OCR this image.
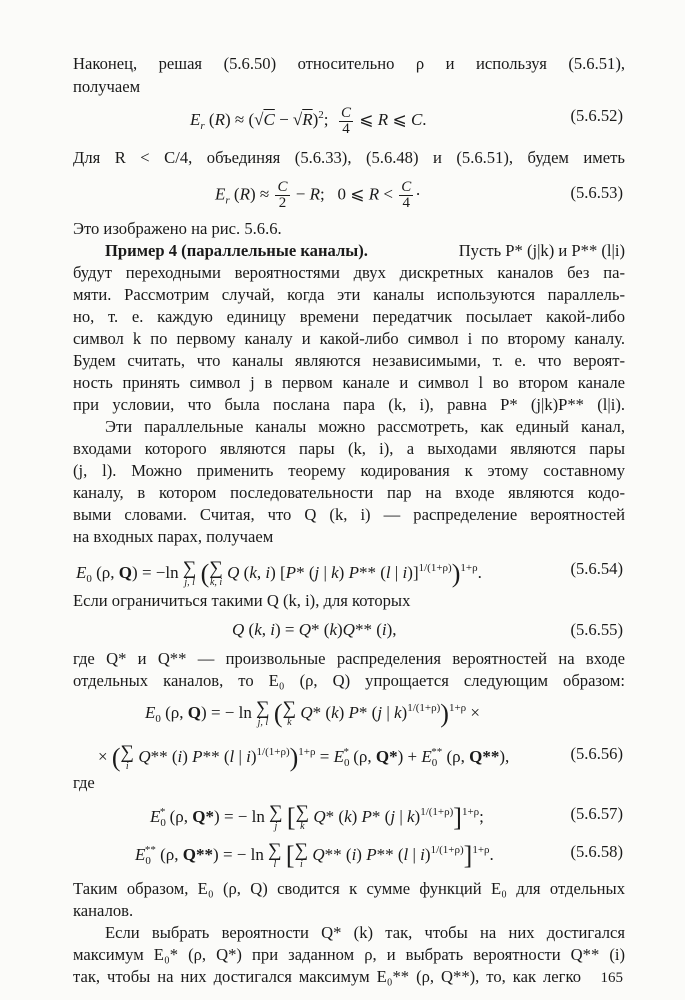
Наконец, решая (5.6.50) относительно ρ и используя (5.6.51),
получаем
$E_r$ $(R) \approx (√C - √R)^2$; $\frac{C}{4}$ ⩽ R ⩽ C.	(5.6.52)
Для R < C/4, объединяя (5.6.33), (5.6.48) и (5.6.51), будем иметь
$E_r$ $(R) \approx \frac{C}{2} - R$;   0 ⩽ $R < \frac{C}{4}$ ·	(5.6.53)
Это изображено на рис. 5.6.6.
Пример 4 (параллельные каналы).	Пусть P* (j|k) и P** (l|i)
будут переходными вероятностями двух дискретных каналов без па-
мяти. Рассмотрим случай, когда эти каналы используются параллель-
но, т. е. каждую единицу времени передатчик посылает какой-либо
символ k по первому каналу и какой-либо символ i по второму каналу.
Будем считать, что каналы являются независимыми, т. е. что вероят-
ность принять символ j в первом канале и символ l во втором канале
при условии, что была послана пара (k, i), равна P* (j|k)P** (l|i).
Эти параллельные каналы можно рассмотреть, как единый канал,
входами которого являются пары (k, i), а выходами являются пары
(j, l). Можно применить теорему кодирования к этому составному
каналу, в котором последовательности пар на входе являются кодо-
выми словами. Считая, что Q (k, i) — распределение вероятностей
на входных парах, получаем
$E_0$ (ρ, Q) = −ln ∑
j, l ( ∑
k, i
Q (k, i) [P* (j | k) P** (l | i)]$^{1/(1+\rho)}$)$^{1+\rho}$.	(5.6.54)
Если ограничиться такими Q (k, i), для которых
Q (k, i) = Q* (k)Q** (i),	(5.6.55)
где Q* и Q** — произвольные распределения вероятностей на входе
отдельных каналов, то E₀ (ρ, Q) упрощается следующим образом:
$E_0$ (ρ, Q) = − ln ∑
j, l ( ∑
k
Q* (k) P* (j | k)$^{1/(1+\rho)}$)$^{1+\rho}$ ×
× ( ∑
i
Q** (i) P** (l | $i)^{1/(1+\rho)})^{1+\rho} = E_0^*$ (ρ, $Q*) + E_0^{**}$ (ρ, Q**),	(5.6.56)
где
$E_0^*$ (ρ, Q*) = − ln ∑
j [ ∑
k
Q* (k) P* (j | k)$^{1/(1+\rho)}$]$^{1+\rho}$;	(5.6.57)
$E_0^{**}$ (ρ, Q**) = − ln ∑
l [ ∑
i
Q** (i) P** (l | i)$^{1/(1+\rho)}$]$^{1+\rho}$.	(5.6.58)
Таким образом, E₀ (ρ, Q) сводится к сумме функций E₀ для отдельных
каналов.
Если выбрать вероятности Q* (k) так, чтобы на них достигался
максимум E₀* (ρ, Q*) при заданном ρ, и выбрать вероятности Q** (i)
так, чтобы на них достигался максимум E₀** (ρ, Q**), то, как легко 165
